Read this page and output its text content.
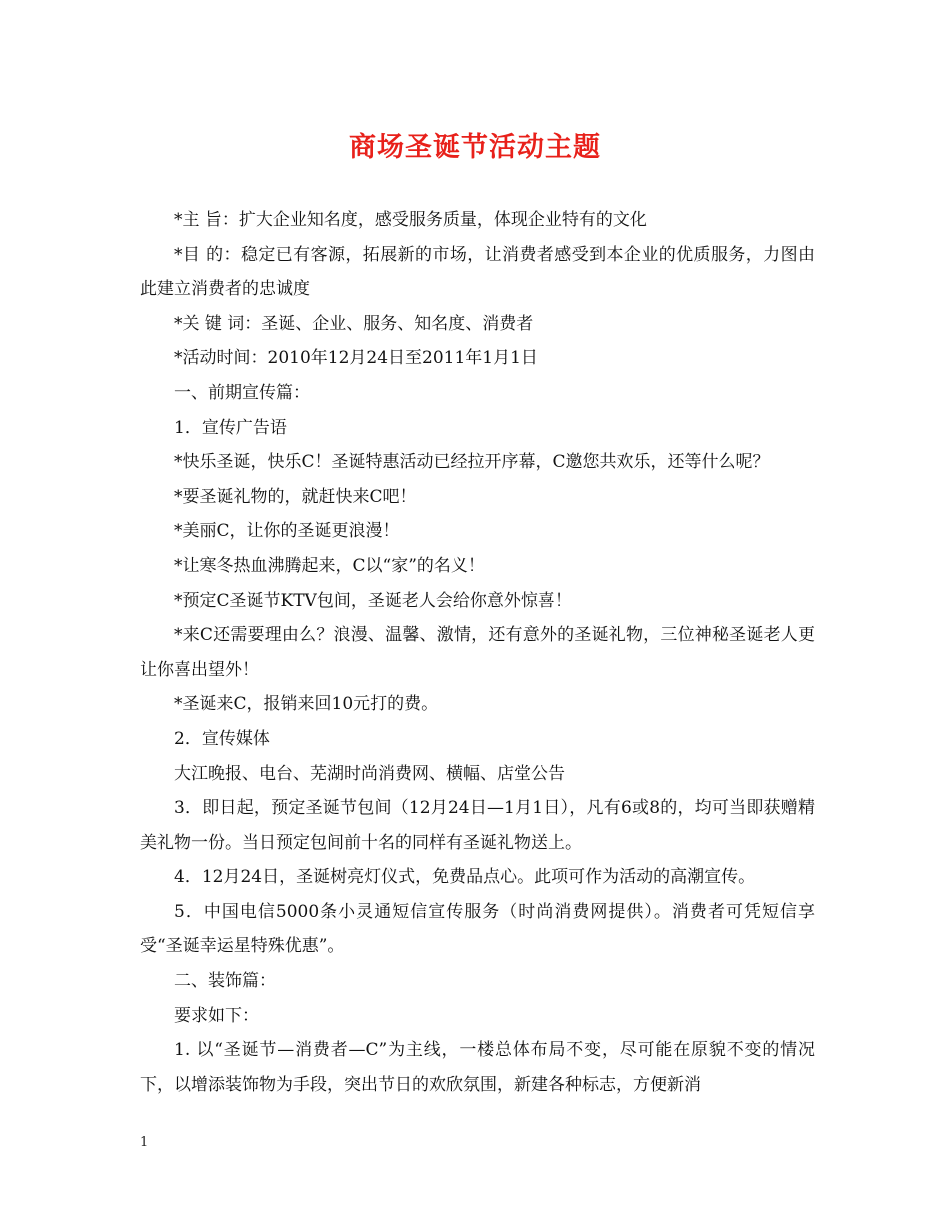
商场圣诞节活动主题

*主 旨：扩大企业知名度，感受服务质量，体现企业特有的文化

*目 的：稳定已有客源，拓展新的市场，让消费者感受到本企业的优质服务，力图由此建立消费者的忠诚度

*关 键 词：圣诞、企业、服务、知名度、消费者

*活动时间：2010年12月24日至2011年1月1日

一、前期宣传篇：

1．宣传广告语

*快乐圣诞，快乐C！圣诞特惠活动已经拉开序幕，C邀您共欢乐，还等什么呢？

*要圣诞礼物的，就赶快来C吧！

*美丽C，让你的圣诞更浪漫！

*让寒冬热血沸腾起来，C以“家”的名义！

*预定C圣诞节KTV包间，圣诞老人会给你意外惊喜！

*来C还需要理由么？浪漫、温馨、激情，还有意外的圣诞礼物，三位神秘圣诞老人更让你喜出望外！

*圣诞来C，报销来回10元打的费。

2．宣传媒体

大江晚报、电台、芜湖时尚消费网、横幅、店堂公告

3．即日起，预定圣诞节包间（12月24日—1月1日），凡有6或8的，均可当即获赠精美礼物一份。当日预定包间前十名的同样有圣诞礼物送上。

4．12月24日，圣诞树亮灯仪式，免费品点心。此项可作为活动的高潮宣传。

5．中国电信5000条小灵通短信宣传服务（时尚消费网提供）。消费者可凭短信享受“圣诞幸运星特殊优惠”。

二、装饰篇：

要求如下：

1. 以“圣诞节—消费者—C”为主线，一楼总体布局不变，尽可能在原貌不变的情况下，以增添装饰物为手段，突出节日的欢欣氛围，新建各种标志，方便新消

1
